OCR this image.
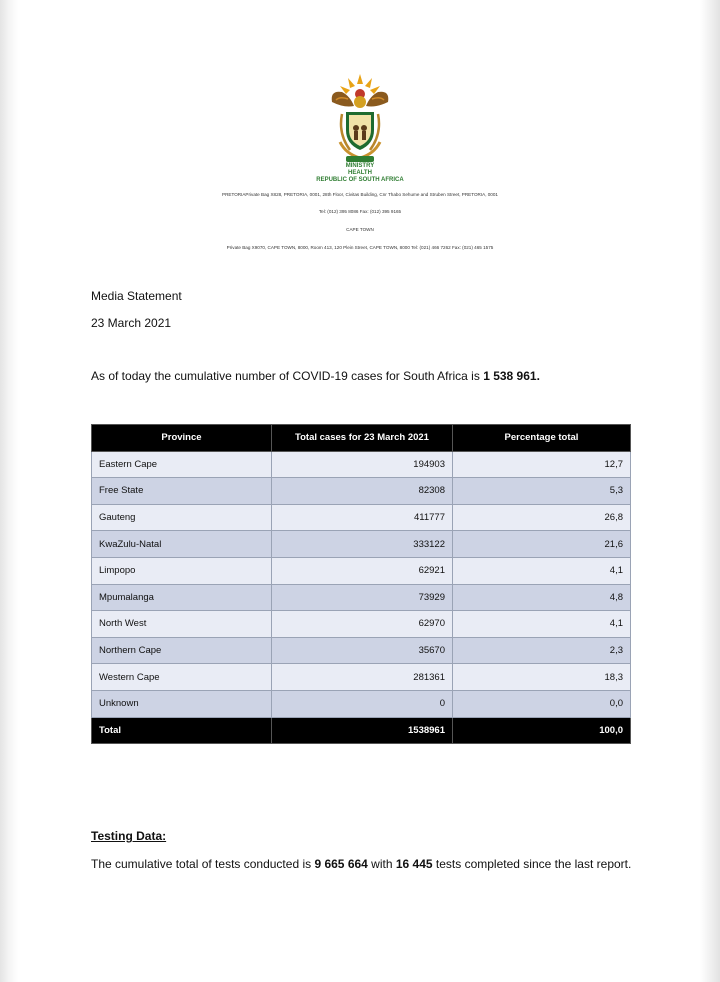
MINISTRY
HEALTH
REPUBLIC OF SOUTH AFRICA
PRETORIAPrivate Bag X828, PRETORIA, 0001, 28th Floor, Civitas Building, Cnr Thabo Sehume and Struben Street, PRETORIA, 0001
Tel: (012) 395 8086 Fax: (012) 395 9165
CAPE TOWN
Private Bag X9070, CAPE TOWN, 8000, Room 413, 120 Plein Street, CAPE TOWN, 8000 Tel: (021) 466 7262 Fax: (021) 465 1575
Media Statement
23 March 2021
As of today the cumulative number of COVID-19 cases for South Africa is 1 538 961.
Province	Total cases for 23 March 2021	Percentage total
Eastern Cape	194903	12,7
Free State	82308	5,3
Gauteng	411777	26,8
KwaZulu-Natal	333122	21,6
Limpopo	62921	4,1
Mpumalanga	73929	4,8
North West	62970	4,1
Northern Cape	35670	2,3
Western Cape	281361	18,3
Unknown	0	0,0
Total	1538961	100,0
Testing Data:
The cumulative total of tests conducted is 9 665 664 with 16 445 tests completed since the last report.
